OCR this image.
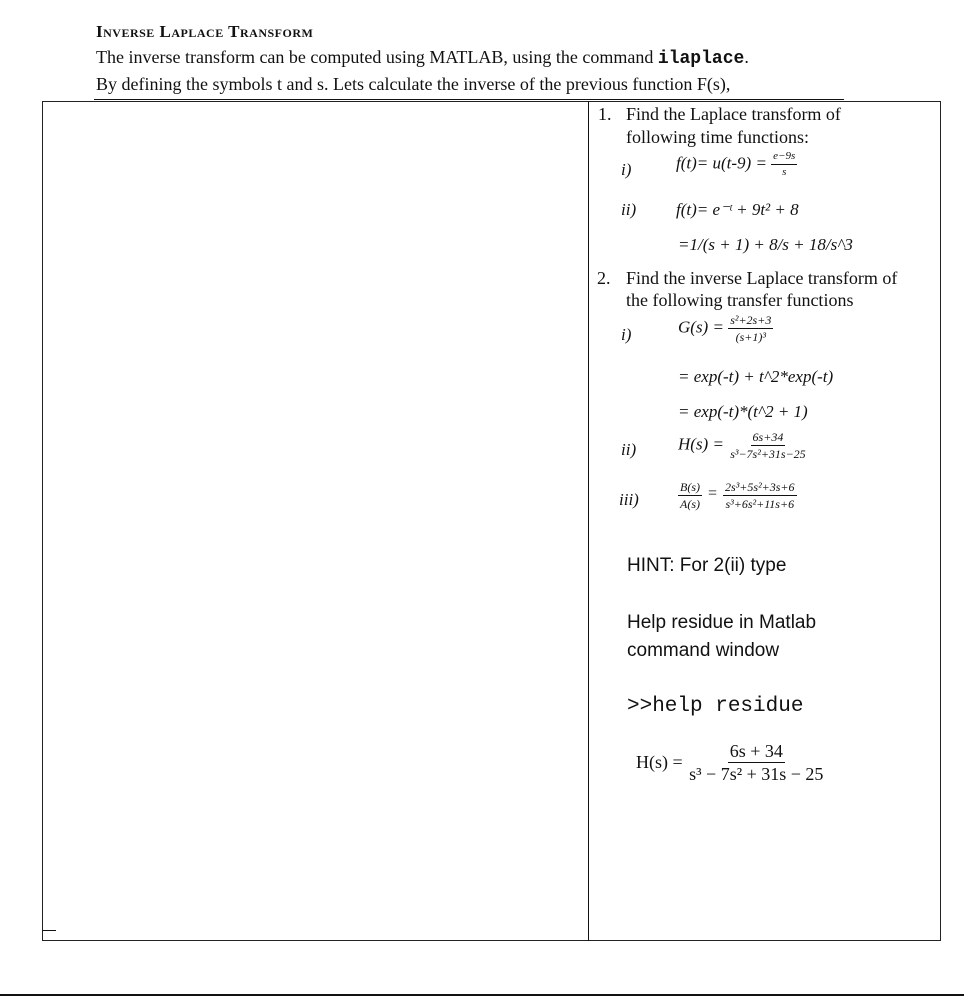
Inverse Laplace Transform
The inverse transform can be computed using MATLAB, using the command ilaplace.
By defining the symbols t and s. Lets calculate the inverse of the previous function F(s),
1. Find the Laplace transform of
following time functions:
i)	$f(t)= u(t-9) = \frac{e-9s}{s}$
ii) f(t)= e⁻ᵗ + 9t² + 8
=1/(s + 1) + 8/s + 18/s^3
2. Find the inverse Laplace transform of
the following transfer functions
i)	$G(s) = \frac{\text{s²+2s+3}}{\text{(s+1)³}}$
= exp(-t) + t^2*exp(-t)
= exp(-t)*(t^2 + 1)
ii) $H(s) = \frac{6s+34}{\text{s³−7s²+31s−25}}$
iii)	$\frac{B(s)}{A(s)} = \frac{\text{2s³+5s²+3s+6}}{\text{s³+6s²+11s+6}}$
HINT: For 2(ii) type
Help residue in Matlab
command window
>>help residue
$H(s) = \frac{6s + 34}{\text{s³ − 7s² + 31s − 25}}$
